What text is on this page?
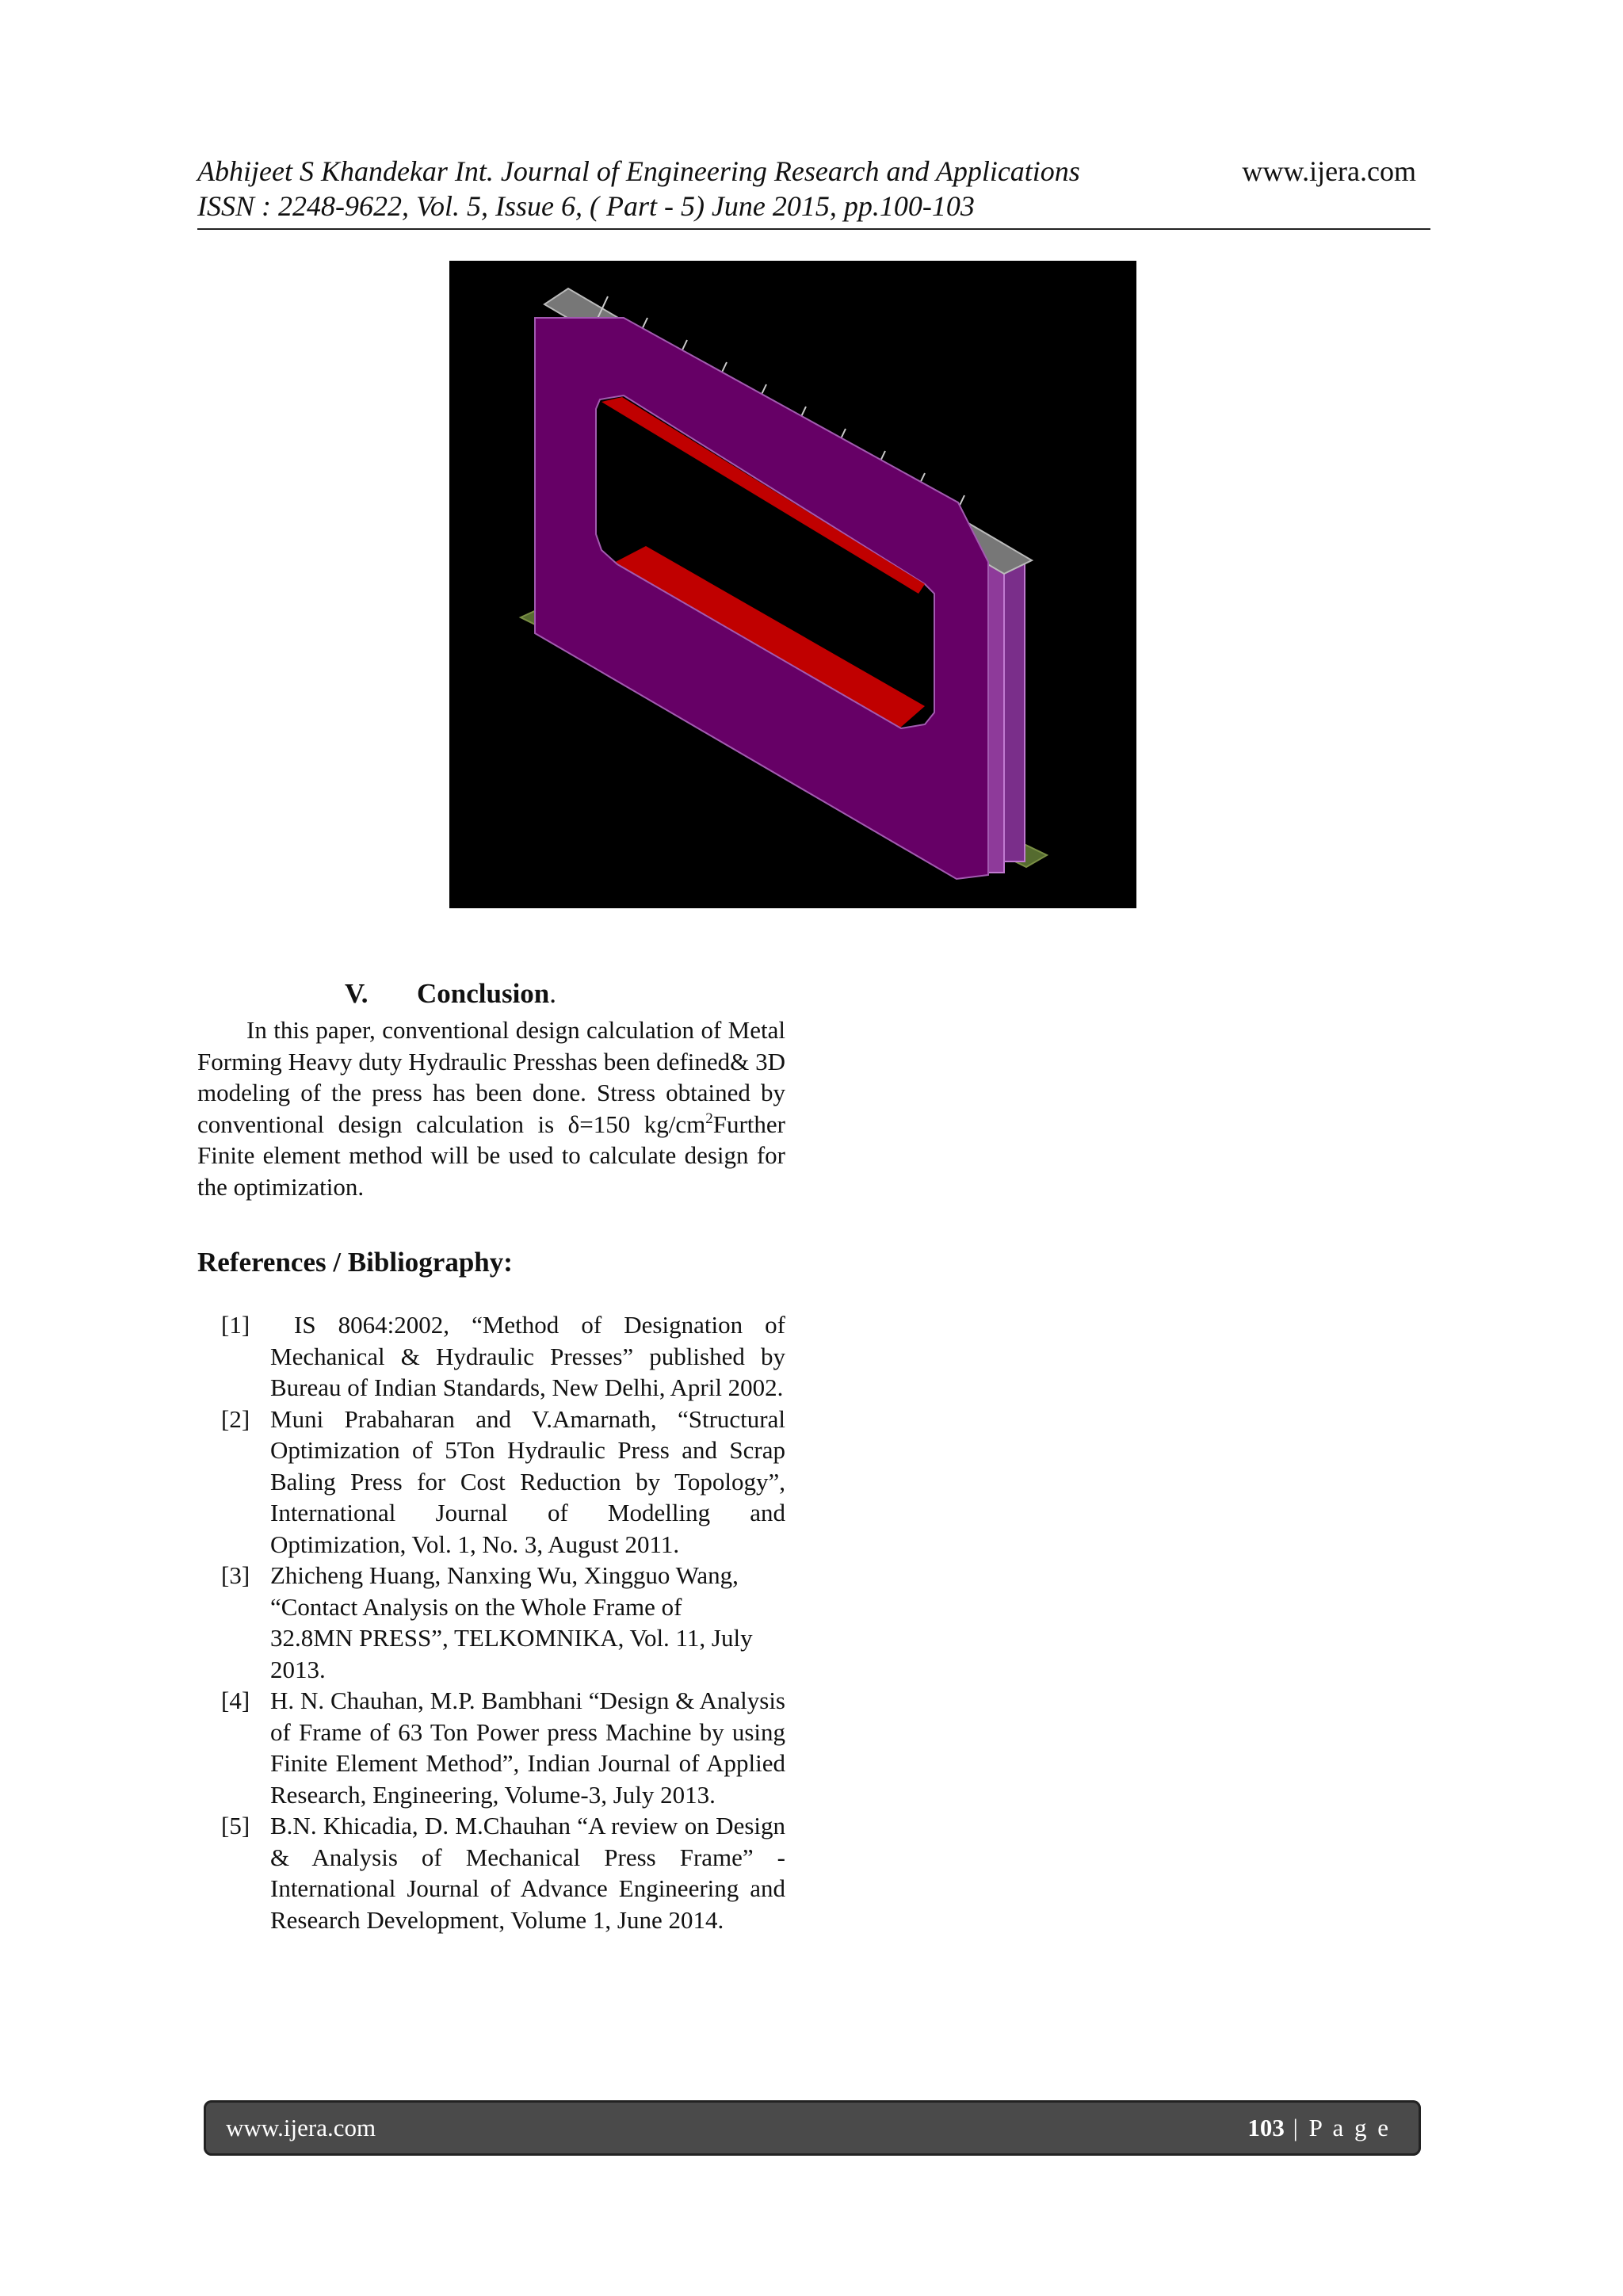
Abhijeet S Khandekar Int. Journal of Engineering Research and Applications	www.ijera.com
ISSN : 2248-9622, Vol. 5, Issue 6, ( Part - 5) June 2015, pp.100-103
V. Conclusion.

In this paper, conventional design calculation of Metal Forming Heavy duty Hydraulic Presshas been defined& 3D modeling of the press has been done. Stress obtained by conventional design calculation is δ=150 $kg/cm^2Further$ Finite element method will be used to calculate design for the optimization.

References / Bibliography:
[1]	IS 8064:2002, “Method of Designation of Mechanical & Hydraulic Presses” published by Bureau of Indian Standards, New Delhi, April 2002.
[2] Muni Prabaharan and V.Amarnath, “Structural Optimization of 5Ton Hydraulic Press and Scrap Baling Press for Cost Reduction by Topology”, International Journal of Modelling and Optimization, Vol. 1, No. 3, August 2011.
[3] Zhicheng Huang, Nanxing Wu, Xingguo Wang, “Contact Analysis on the Whole Frame of 32.8MN PRESS”, TELKOMNIKA, Vol. 11, July 2013.
[4] H. N. Chauhan, M.P. Bambhani “Design & Analysis of Frame of 63 Ton Power press Machine by using Finite Element Method”, Indian Journal of Applied Research, Engineering, Volume-3, July 2013.
[5] B.N. Khicadia, D. M.Chauhan “A review on Design & Analysis of Mechanical Press Frame” -International Journal of Advance Engineering and Research Development, Volume 1, June 2014.
www.ijera.com	103 | P a g e
